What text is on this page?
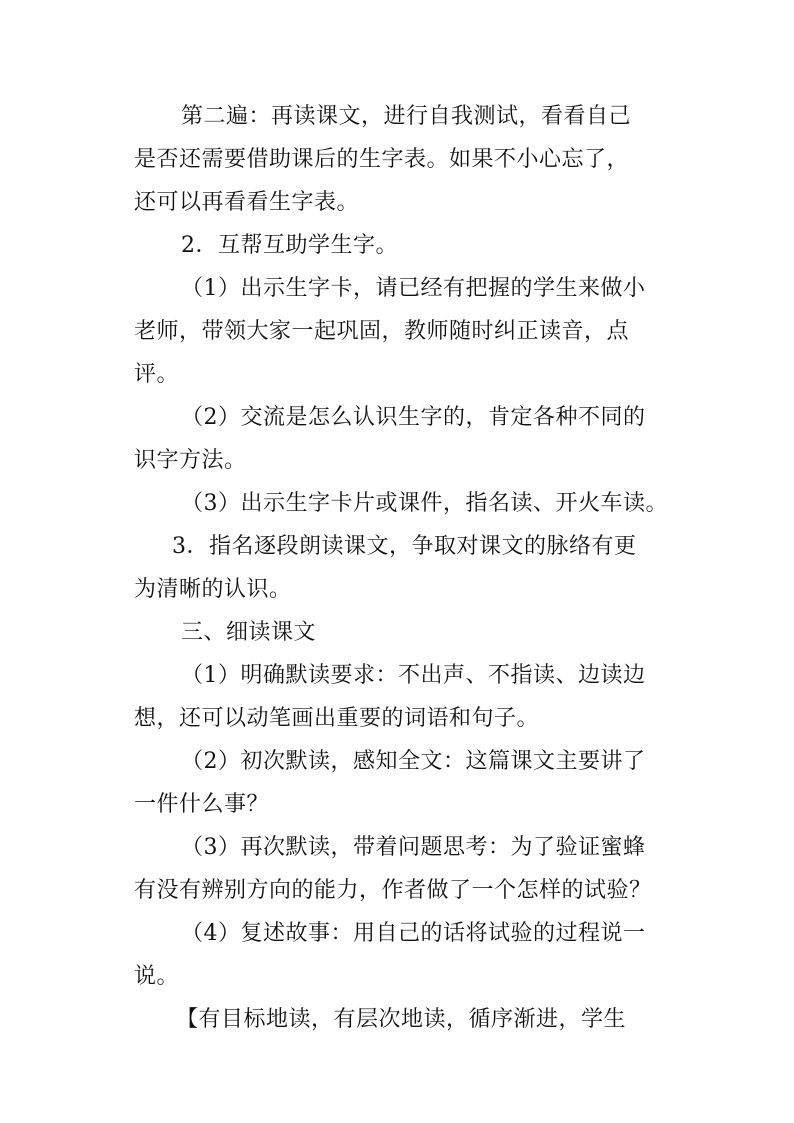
第二遍：再读课文，进行自我测试，看看自己
是否还需要借助课后的生字表。如果不小心忘了，
还可以再看看生字表。
2．互帮互助学生字。
（1）出示生字卡，请已经有把握的学生来做小
老师，带领大家一起巩固，教师随时纠正读音，点
评。
（2）交流是怎么认识生字的，肯定各种不同的
识字方法。
（3）出示生字卡片或课件，指名读、开火车读。
3．指名逐段朗读课文，争取对课文的脉络有更
为清晰的认识。
三、细读课文
（1）明确默读要求：不出声、不指读、边读边
想，还可以动笔画出重要的词语和句子。
（2）初次默读，感知全文：这篇课文主要讲了
一件什么事？
（3）再次默读，带着问题思考：为了验证蜜蜂
有没有辨别方向的能力，作者做了一个怎样的试验？
（4）复述故事：用自己的话将试验的过程说一
说。
【有目标地读，有层次地读，循序渐进，学生
